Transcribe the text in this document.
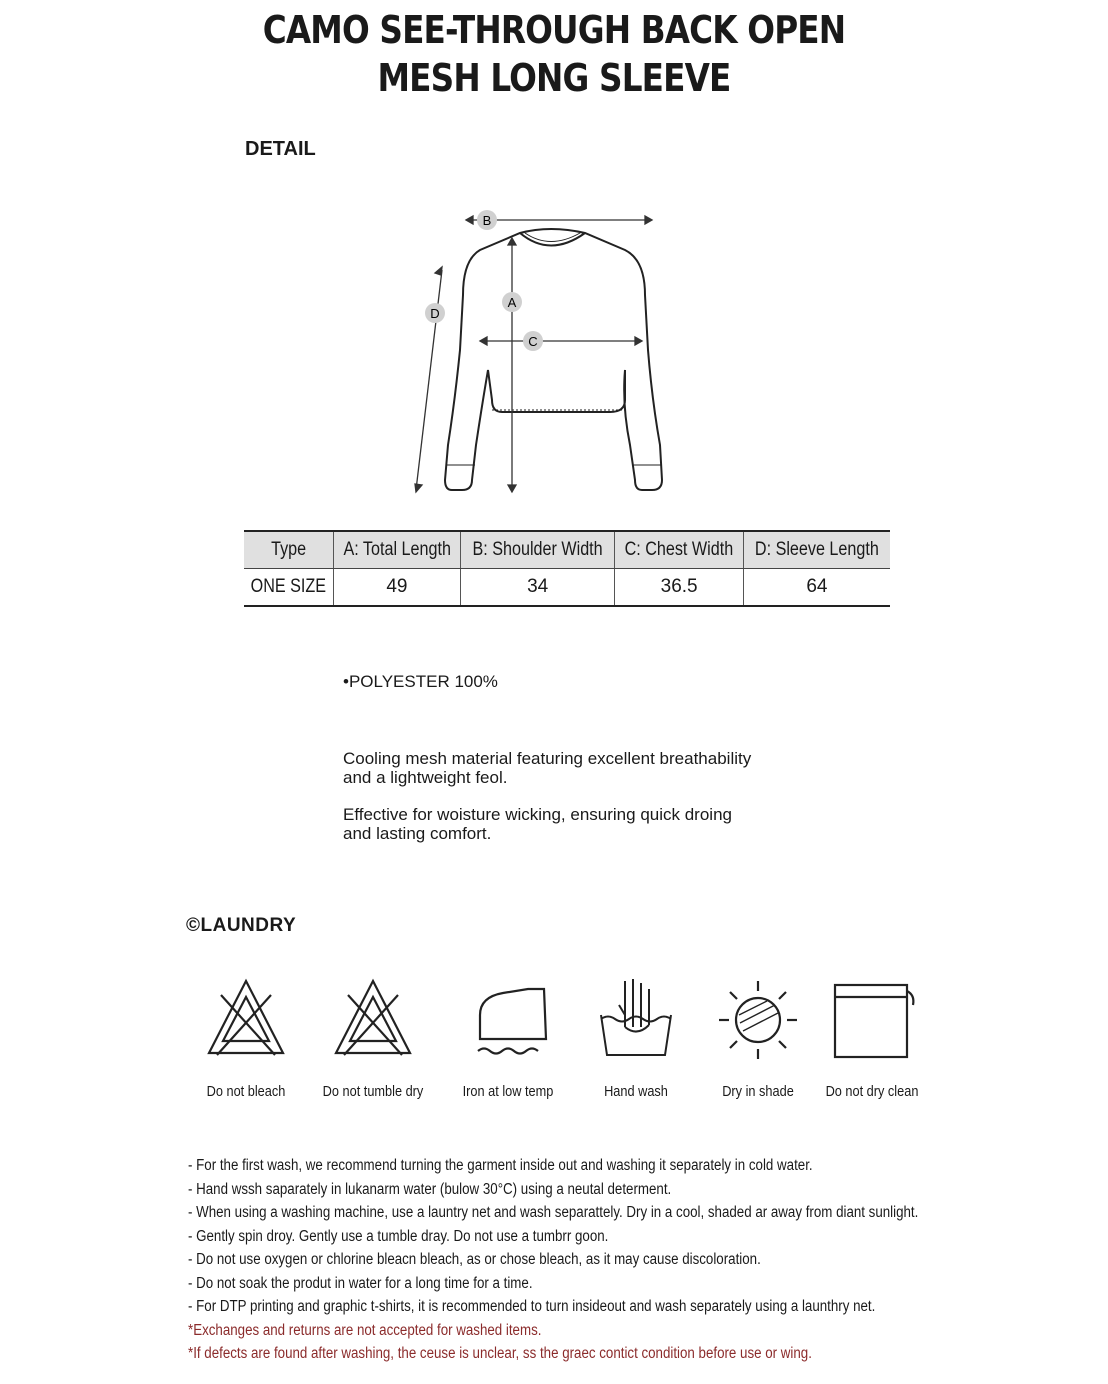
CAMO SEE-THROUGH BACK OPEN
MESH LONG SLEEVE
DETAIL
B
A
C
D
Type	A: Total Length	B: Shoulder Width	C: Chest Width	D: Sleeve Length
ONE SIZE	49	34	36.5	64
•POLYESTER 100%
Cooling mesh material featuring excellent breathability
and a lightweight feol.
Effective for woisture wicking, ensuring quick droing
and lasting comfort.
©LAUNDRY
Do not bleach	Do not tumble dry	Iron at low temp	Hand wash	Dry in shade	Do not dry clean
- For the first wash, we recommend turning the garment inside out and washing it separately in cold water.
- Hand wssh saparately in lukanarm water (bulow 30°C) using a neutal determent.
- When using a washing machine, use a launtry net and wash separattely. Dry in a cool, shaded ar away from diant sunlight.
- Gently spin droy. Gently use a tumble dray. Do not use a tumbrr goon.
- Do not use oxygen or chlorine bleacn bleach, as or chose bleach, as it may cause discoloration.
- Do not soak the produt in water for a long time for a time.
- For DTP printing and graphic t-shirts, it is recommended to turn insideout and wash separately using a launthry net.
*Exchanges and returns are not accepted for washed items.
*If defects are found after washing, the ceuse is unclear, ss the graec contict condition before use or wing.
